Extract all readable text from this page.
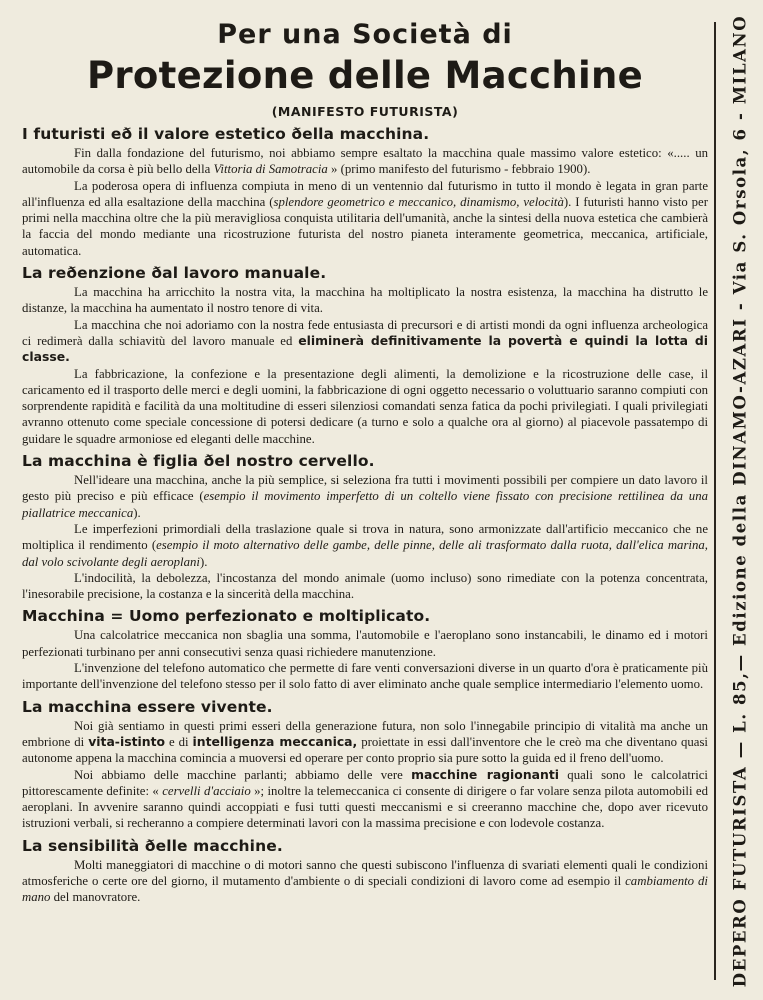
Per una Società di
Protezione delle Macchine
(MANIFESTO FUTURISTA)
I futuristi eð il valore estetico ðella macchina.

Fin dalla fondazione del futurismo, noi abbiamo sempre esaltato la macchina quale massimo valore estetico: «..... un automobile da corsa è più bello della Vittoria di Samotracia » (primo manifesto del futurismo - febbraio 1900).

La poderosa opera di influenza compiuta in meno di un ventennio dal futurismo in tutto il mondo è legata in gran parte all'influenza ed alla esaltazione della macchina (splendore geometrico e meccanico, dinamismo, velocità). I futuristi hanno visto per primi nella macchina oltre che la più meravigliosa conquista utilitaria dell'umanità, anche la sintesi della nuova estetica che cambierà la faccia del mondo mediante una ricostruzione futurista del nostro pianeta interamente geometrica, meccanica, artificiale, automatica.

La reðenzione ðal lavoro manuale.

La macchina ha arricchito la nostra vita, la macchina ha moltiplicato la nostra esistenza, la macchina ha distrutto le distanze, la macchina ha aumentato il nostro tenore di vita.

La macchina che noi adoriamo con la nostra fede entusiasta di precursori e di artisti mondi da ogni influenza archeologica ci redimerà dalla schiavitù del lavoro manuale ed eliminerà definitivamente la povertà e quindi la lotta di classe.

La fabbricazione, la confezione e la presentazione degli alimenti, la demolizione e la ricostruzione delle case, il caricamento ed il trasporto delle merci e degli uomini, la fabbricazione di ogni oggetto necessario o voluttuario saranno compiuti con sorprendente rapidità e facilità da una moltitudine di esseri silenziosi comandati senza fatica da pochi privilegiati. I quali privilegiati avranno ottenuto come speciale concessione di potersi dedicare (a turno e solo a qualche ora al giorno) al piacevole passatempo di guidare le squadre armoniose ed eleganti delle macchine.

La macchina è figlia ðel nostro cervello.

Nell'ideare una macchina, anche la più semplice, si seleziona fra tutti i movimenti possibili per compiere un dato lavoro il gesto più preciso e più efficace (esempio il movimento imperfetto di un coltello viene fissato con precisione rettilinea da una piallatrice meccanica).

Le imperfezioni primordiali della traslazione quale si trova in natura, sono armonizzate dall'artificio meccanico che ne moltiplica il rendimento (esempio il moto alternativo delle gambe, delle pinne, delle ali trasformato dalla ruota, dall'elica marina, dal volo scivolante degli aeroplani).

L'indocilità, la debolezza, l'incostanza del mondo animale (uomo incluso) sono rimediate con la potenza concentrata, l'inesorabile precisione, la costanza e la sincerità della macchina.

Macchina = Uomo perfezionato e moltiplicato.

Una calcolatrice meccanica non sbaglia una somma, l'automobile e l'aeroplano sono instancabili, le dinamo ed i motori perfezionati turbinano per anni consecutivi senza quasi richiedere manutenzione.

L'invenzione del telefono automatico che permette di fare venti conversazioni diverse in un quarto d'ora è praticamente più importante dell'invenzione del telefono stesso per il solo fatto di aver eliminato anche quale semplice intermediario l'elemento uomo.

La macchina essere vivente.

Noi già sentiamo in questi primi esseri della generazione futura, non solo l'innegabile principio di vitalità ma anche un embrione di vita-istinto e di intelligenza meccanica, proiettate in essi dall'inventore che le creò ma che diventano quasi autonome appena la macchina comincia a muoversi ed operare per conto proprio sia pure sotto la guida ed il freno dell'uomo.

Noi abbiamo delle macchine parlanti; abbiamo delle vere macchine ragionanti quali sono le calcolatrici pittorescamente definite: « cervelli d'acciaio »; inoltre la telemeccanica ci consente di dirigere o far volare senza pilota automobili ed aeroplani. In avvenire saranno quindi accoppiati e fusi tutti questi meccanismi e si creeranno macchine che, dopo aver ricevuto istruzioni verbali, si recheranno a compiere determinati lavori con la massima precisione e con lodevole costanza.

La sensibilità ðelle macchine.

Molti maneggiatori di macchine o di motori sanno che questi subiscono l'influenza di svariati elementi quali le condizioni atmosferiche o certe ore del giorno, il mutamento d'ambiente o di speciali condizioni di lavoro come ad esempio il cambiamento di mano del manovratore.	DEPERO FUTURISTA — L. 85,— Edizione della DINAMO-AZARI - Via S. Orsola, 6 - MILANO
